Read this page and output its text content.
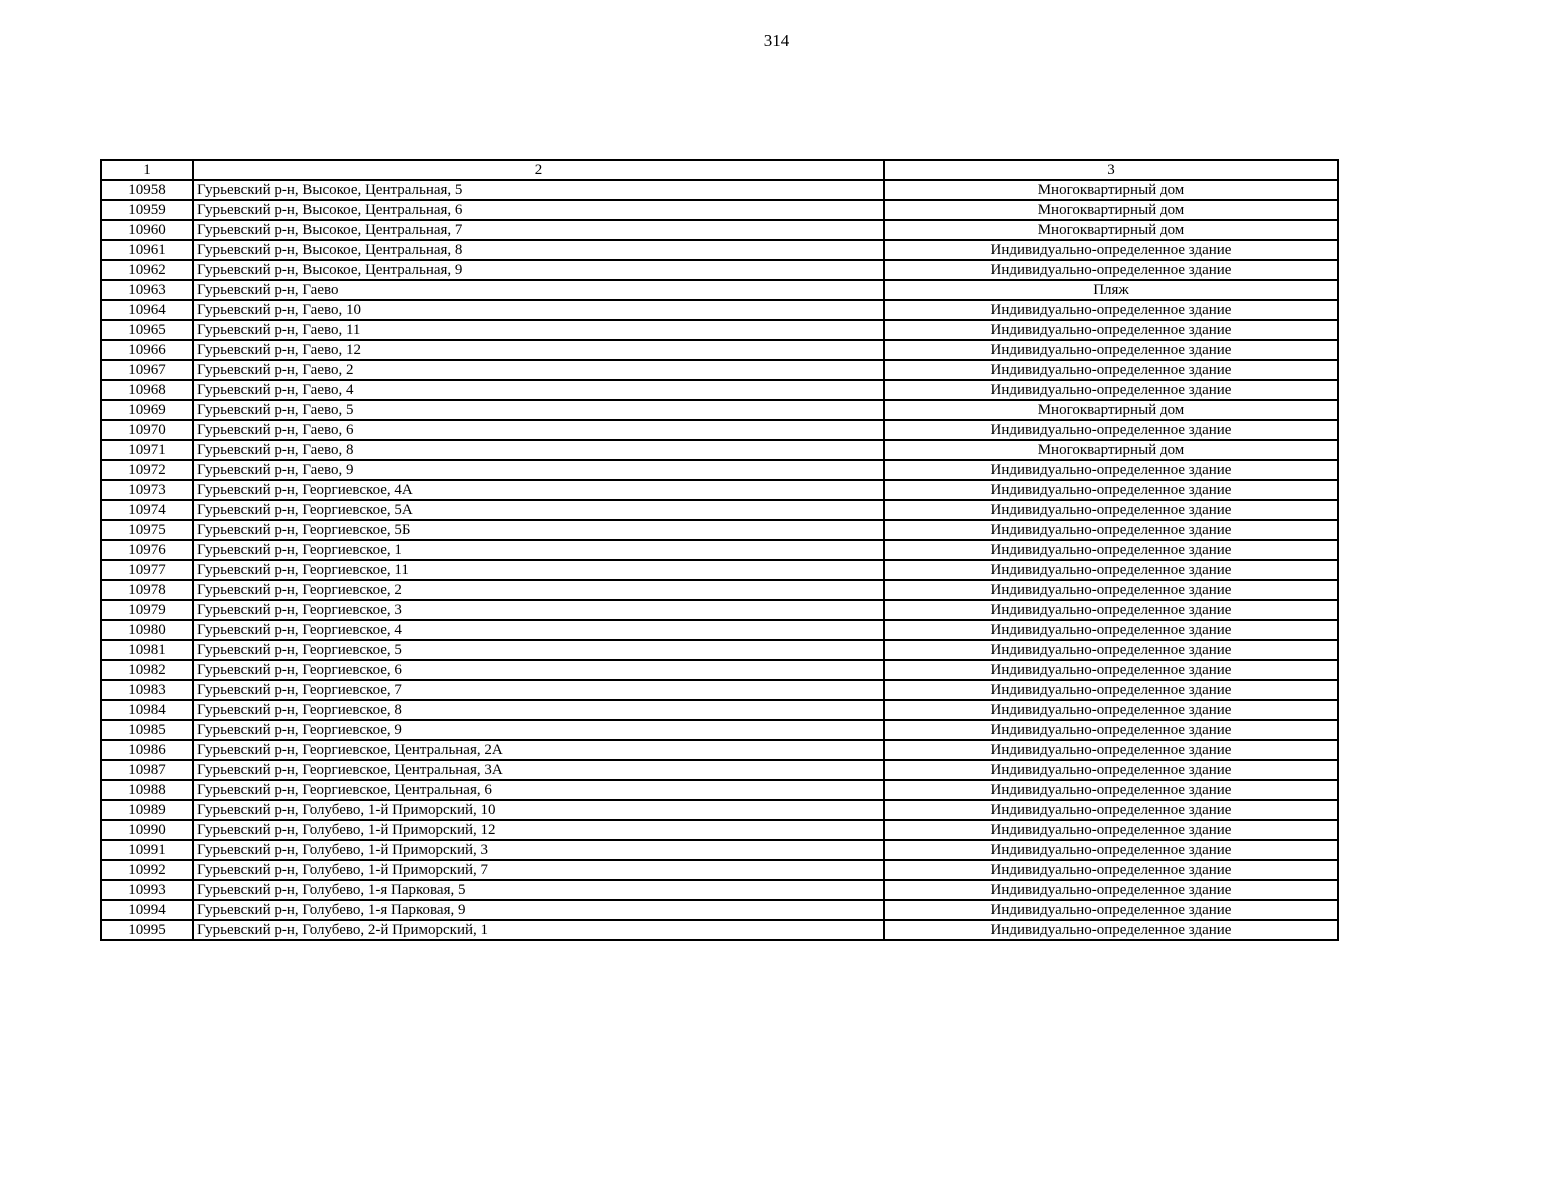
314
1	2	3
10958	Гурьевский р-н, Высокое, Центральная, 5	Многоквартирный дом
10959	Гурьевский р-н, Высокое, Центральная, 6	Многоквартирный дом
10960	Гурьевский р-н, Высокое, Центральная, 7	Многоквартирный дом
10961	Гурьевский р-н, Высокое, Центральная, 8	Индивидуально-определенное здание
10962	Гурьевский р-н, Высокое, Центральная, 9	Индивидуально-определенное здание
10963	Гурьевский р-н, Гаево	Пляж
10964	Гурьевский р-н, Гаево, 10	Индивидуально-определенное здание
10965	Гурьевский р-н, Гаево, 11	Индивидуально-определенное здание
10966	Гурьевский р-н, Гаево, 12	Индивидуально-определенное здание
10967	Гурьевский р-н, Гаево, 2	Индивидуально-определенное здание
10968	Гурьевский р-н, Гаево, 4	Индивидуально-определенное здание
10969	Гурьевский р-н, Гаево, 5	Многоквартирный дом
10970	Гурьевский р-н, Гаево, 6	Индивидуально-определенное здание
10971	Гурьевский р-н, Гаево, 8	Многоквартирный дом
10972	Гурьевский р-н, Гаево, 9	Индивидуально-определенное здание
10973	Гурьевский р-н, Георгиевское, 4А	Индивидуально-определенное здание
10974	Гурьевский р-н, Георгиевское, 5А	Индивидуально-определенное здание
10975	Гурьевский р-н, Георгиевское, 5Б	Индивидуально-определенное здание
10976	Гурьевский р-н, Георгиевское, 1	Индивидуально-определенное здание
10977	Гурьевский р-н, Георгиевское, 11	Индивидуально-определенное здание
10978	Гурьевский р-н, Георгиевское, 2	Индивидуально-определенное здание
10979	Гурьевский р-н, Георгиевское, 3	Индивидуально-определенное здание
10980	Гурьевский р-н, Георгиевское, 4	Индивидуально-определенное здание
10981	Гурьевский р-н, Георгиевское, 5	Индивидуально-определенное здание
10982	Гурьевский р-н, Георгиевское, 6	Индивидуально-определенное здание
10983	Гурьевский р-н, Георгиевское, 7	Индивидуально-определенное здание
10984	Гурьевский р-н, Георгиевское, 8	Индивидуально-определенное здание
10985	Гурьевский р-н, Георгиевское, 9	Индивидуально-определенное здание
10986	Гурьевский р-н, Георгиевское, Центральная, 2А	Индивидуально-определенное здание
10987	Гурьевский р-н, Георгиевское, Центральная, 3А	Индивидуально-определенное здание
10988	Гурьевский р-н, Георгиевское, Центральная, 6	Индивидуально-определенное здание
10989	Гурьевский р-н, Голубево, 1-й Приморский, 10	Индивидуально-определенное здание
10990	Гурьевский р-н, Голубево, 1-й Приморский, 12	Индивидуально-определенное здание
10991	Гурьевский р-н, Голубево, 1-й Приморский, 3	Индивидуально-определенное здание
10992	Гурьевский р-н, Голубево, 1-й Приморский, 7	Индивидуально-определенное здание
10993	Гурьевский р-н, Голубево, 1-я Парковая, 5	Индивидуально-определенное здание
10994	Гурьевский р-н, Голубево, 1-я Парковая, 9	Индивидуально-определенное здание
10995	Гурьевский р-н, Голубево, 2-й Приморский, 1	Индивидуально-определенное здание
